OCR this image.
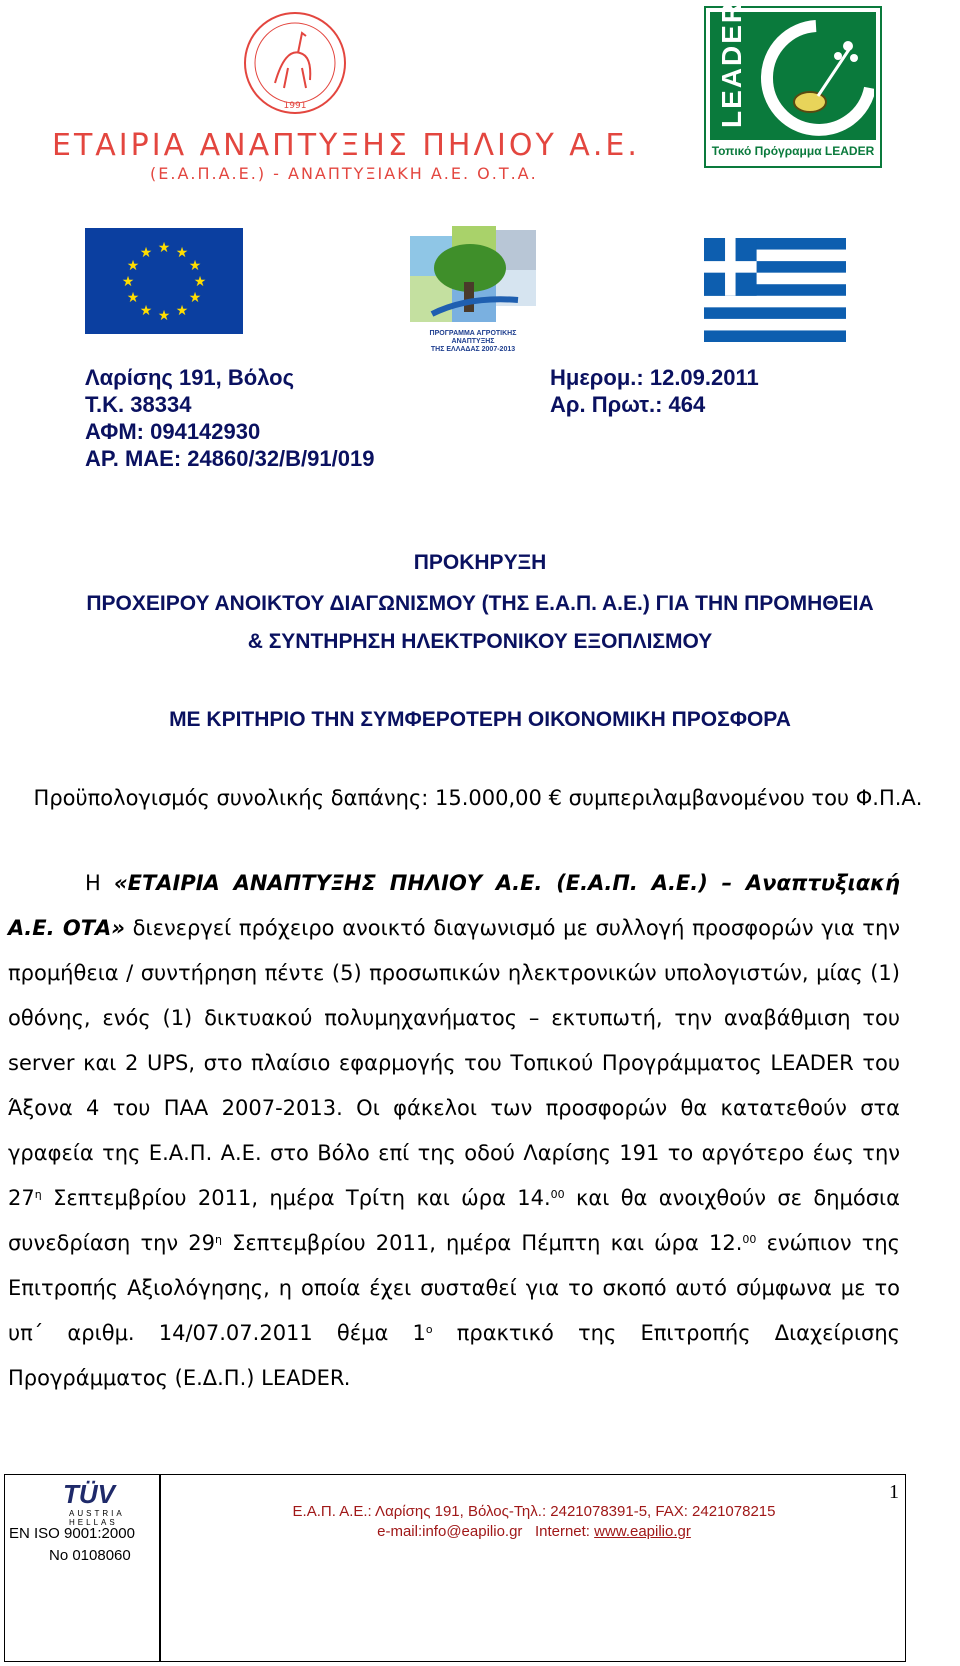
1991
ΕΤΑΙΡΙΑ ΑΝΑΠΤΥΞΗΣ ΠΗΛΙΟΥ Α.Ε.
(Ε.Α.Π.Α.Ε.) - ΑΝΑΠΤΥΞΙΑΚΗ Α.Ε. Ο.Τ.Α.
LEADER
Τοπικό Πρόγραμμα LEADER
★ ★
★
★
★
★
★
★
★
★
★
★
ΠΡΟΓΡΑΜΜΑ ΑΓΡΟΤΙΚΗΣ ΑΝΑΠΤΥΞΗΣ
ΤΗΣ ΕΛΛΑΔΑΣ 2007-2013
Λαρίσης 191, Βόλος
Τ.Κ. 38334
ΑΦΜ: 094142930
ΑΡ. ΜΑΕ: 24860/32/Β/91/019
Ημερομ.: 12.09.2011
Αρ. Πρωτ.: 464
ΠΡΟΚΗΡΥΞΗ
ΠΡΟΧΕΙΡΟΥ ΑΝΟΙΚΤΟΥ ΔΙΑΓΩΝΙΣΜΟΥ (ΤΗΣ Ε.Α.Π. Α.Ε.) ΓΙΑ ΤΗΝ ΠΡΟΜΗΘΕΙΑ
& ΣΥΝΤΗΡΗΣΗ ΗΛΕΚΤΡΟΝΙΚΟΥ ΕΞΟΠΛΙΣΜΟΥ
ΜΕ ΚΡΙΤΗΡΙΟ ΤΗΝ ΣΥΜΦΕΡΟΤΕΡΗ ΟΙΚΟΝΟΜΙΚΗ ΠΡΟΣΦΟΡΑ
Προϋπολογισμός συνολικής δαπάνης: 15.000,00 € συμπεριλαμβανομένου του Φ.Π.Α.
Η «ΕΤΑΙΡΙΑ ΑΝΑΠΤΥΞΗΣ ΠΗΛΙΟΥ Α.Ε. (Ε.Α.Π. Α.Ε.) – Αναπτυξιακή Α.Ε. ΟΤΑ» διενεργεί πρόχειρο ανοικτό διαγωνισμό με συλλογή προσφορών για την προμήθεια / συντήρηση πέντε (5) προσωπικών ηλεκτρονικών υπολογιστών, μίας (1) οθόνης, ενός (1) δικτυακού πολυμηχανήματος – εκτυπωτή, την αναβάθμιση του server και 2 UPS, στο πλαίσιο εφαρμογής του Τοπικού Προγράμματος LEADER του Άξονα 4 του ΠΑΑ 2007-2013. Οι φάκελοι των προσφορών θα κατατεθούν στα γραφεία της Ε.Α.Π. Α.Ε. στο Βόλο επί της οδού Λαρίσης 191 το αργότερο έως την $27^\eta$ Σεπτεμβρίου 2011, ημέρα Τρίτη και ώρα 14.00 και θα ανοιχθούν σε δημόσια συνεδρίαση την $29^\eta$ Σεπτεμβρίου 2011, ημέρα Πέμπτη και ώρα 12.00 ενώπιον της Επιτροπής Αξιολόγησης, η οποία έχει συσταθεί για το σκοπό αυτό σύμφωνα με το υπ΄ αριθμ. 14/07.07.2011 θέμα $1^o$ πρακτικό της Επιτροπής Διαχείρισης Προγράμματος (Ε.Δ.Π.) LEADER.
TÜV
AUSTRIA
HELLAS
EN ISO 9001:2000
No 0108060
Ε.Α.Π. Α.Ε.: Λαρίσης 191, Βόλος-Τηλ.: 2421078391-5, FAX: 2421078215
e-mail:info@eapilio.gr Internet: www.eapilio.gr
1
